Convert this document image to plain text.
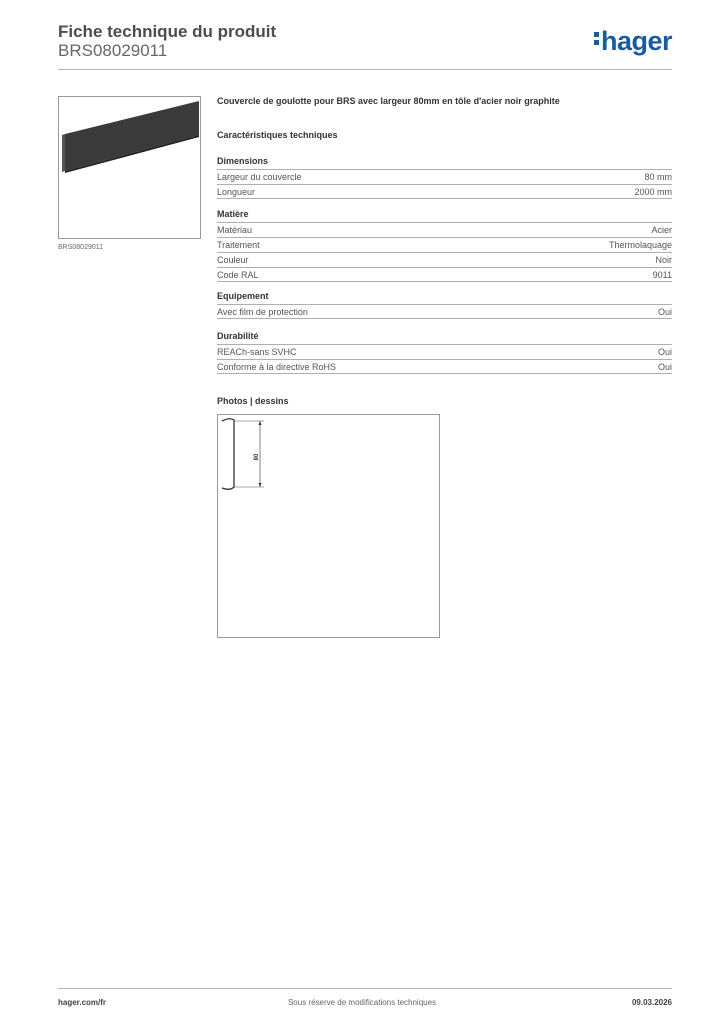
Fiche technique du produit
BRS08029011	hager
BRS08029011
Couvercle de goulotte pour BRS avec largeur 80mm en tôle d'acier noir graphite
Caractéristiques techniques
Dimensions
Largeur du couvercle	80 mm
Longueur	2000 mm
Matière
Matériau	Acier
Traitement	Thermolaquage
Couleur	Noir
Code RAL	9011
Equipement
Avec film de protection	Oui
Durabilité
REACh-sans SVHC	Oui
Conforme à la directive RoHS	Oui
Photos | dessins
80
hager.com/fr	Sous réserve de modifications techniques	09.03.2026
